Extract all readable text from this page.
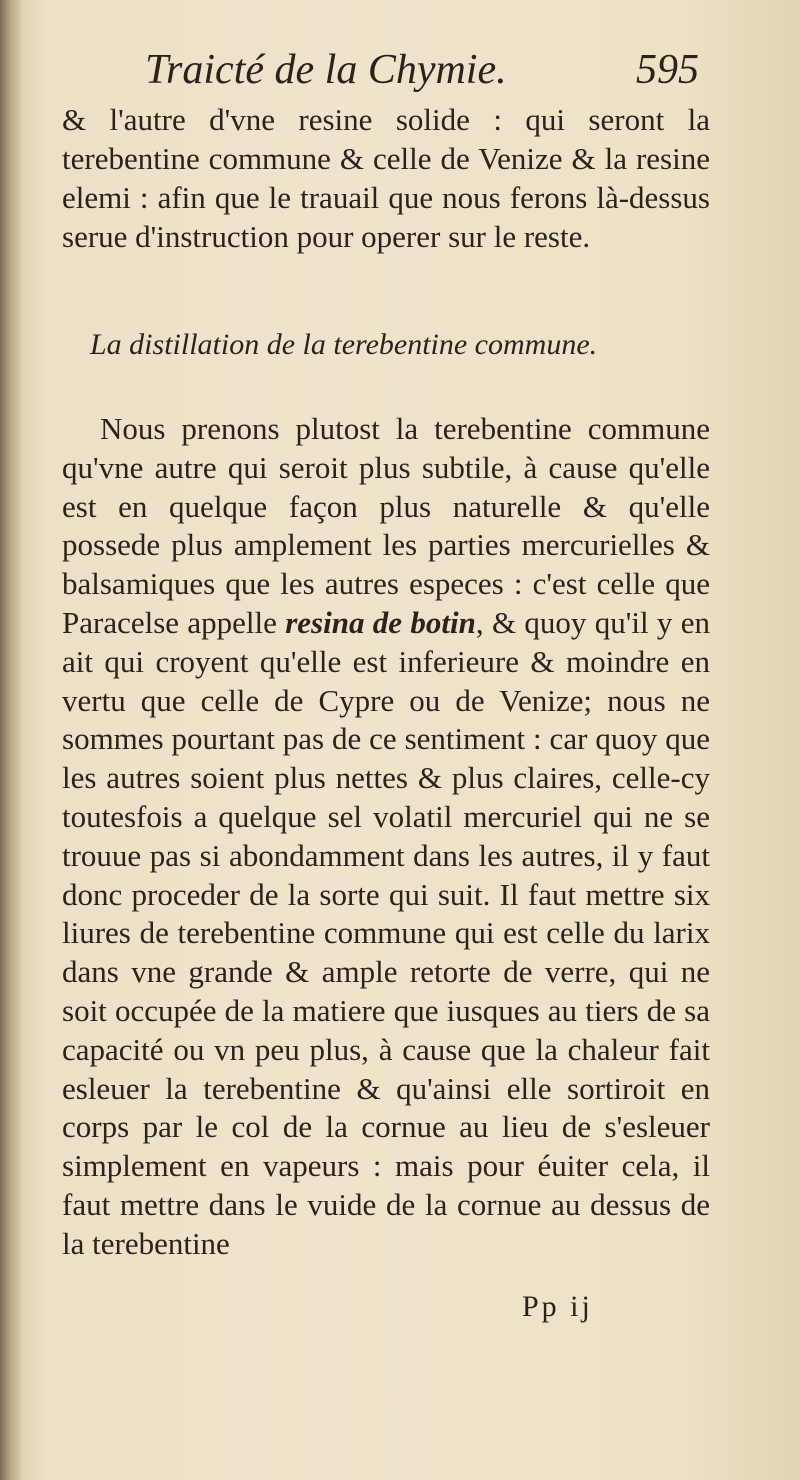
Traicté de la Chymie.	595

& l'autre d'vne resine solide : qui seront la terebentine commune & celle de Venize & la resine elemi : afin que le trauail que nous ferons là-dessus serue d'instruction pour operer sur le reste.

La distillation de la terebentine commune.

Nous prenons plutost la terebentine commune qu'vne autre qui seroit plus subtile, à cause qu'elle est en quelque façon plus naturelle & qu'elle possede plus amplement les parties mercurielles & balsamiques que les autres especes : c'est celle que Paracelse appelle resina de botin, & quoy qu'il y en ait qui croyent qu'elle est inferieure & moindre en vertu que celle de Cypre ou de Venize; nous ne sommes pourtant pas de ce sentiment : car quoy que les autres soient plus nettes & plus claires, celle-cy toutesfois a quelque sel volatil mercuriel qui ne se trouue pas si abondamment dans les autres, il y faut donc proceder de la sorte qui suit. Il faut mettre six liures de terebentine commune qui est celle du larix dans vne grande & ample retorte de verre, qui ne soit occupée de la matiere que iusques au tiers de sa capacité ou vn peu plus, à cause que la chaleur fait esleuer la terebentine & qu'ainsi elle sortiroit en corps par le col de la cornue au lieu de s'esleuer simplement en vapeurs : mais pour éuiter cela, il faut mettre dans le vuide de la cornue au dessus de la terebentine

Pp ij
